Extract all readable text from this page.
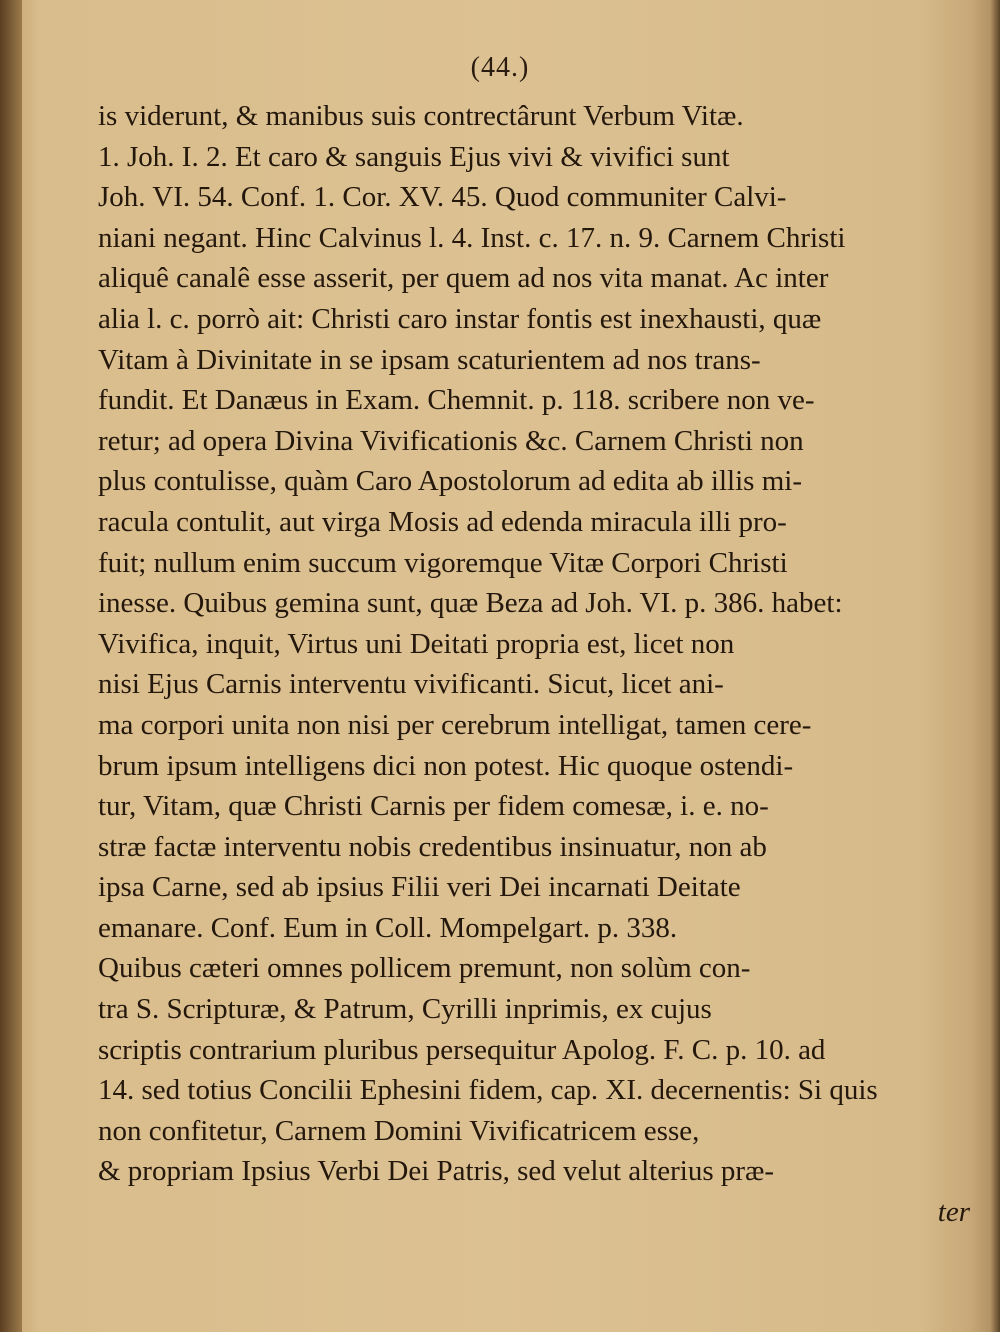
(44.)
is viderunt, & manibus suis contrectârunt Verbum Vitæ.
1. Joh. I. 2. Et caro & sanguis Ejus vivi & vivifici sunt
Joh. VI. 54. Conf. 1. Cor. XV. 45. Quod communiter Calvi-
niani negant. Hinc Calvinus l. 4. Inst. c. 17. n. 9. Carnem Christi
aliquê canalê esse asserit, per quem ad nos vita manat. Ac inter
alia l. c. porrò ait: Christi caro instar fontis est inexhausti, quæ
Vitam à Divinitate in se ipsam scaturientem ad nos trans-
fundit. Et Danæus in Exam. Chemnit. p. 118. scribere non ve-
retur; ad opera Divina Vivificationis &c. Carnem Christi non
plus contulisse, quàm Caro Apostolorum ad edita ab illis mi-
racula contulit, aut virga Mosis ad edenda miracula illi pro-
fuit; nullum enim succum vigoremque Vitæ Corpori Christi
inesse. Quibus gemina sunt, quæ Beza ad Joh. VI. p. 386. habet:
Vivifica, inquit, Virtus uni Deitati propria est, licet non
nisi Ejus Carnis interventu vivificanti. Sicut, licet ani-
ma corpori unita non nisi per cerebrum intelligat, tamen cere-
brum ipsum intelligens dici non potest. Hic quoque ostendi-
tur, Vitam, quæ Christi Carnis per fidem comesæ, i. e. no-
stræ factæ interventu nobis credentibus insinuatur, non ab
ipsa Carne, sed ab ipsius Filii veri Dei incarnati Deitate
emanare. Conf. Eum in Coll. Mompelgart. p. 338.
Quibus cæteri omnes pollicem premunt, non solùm con-
tra S. Scripturæ, & Patrum, Cyrilli inprimis, ex cujus
scriptis contrarium pluribus persequitur Apolog. F. C. p. 10. ad
14. sed totius Concilii Ephesini fidem, cap. XI. decernentis: Si quis
non confitetur, Carnem Domini Vivificatricem esse,
& propriam Ipsius Verbi Dei Patris, sed velut alterius præ-
ter
